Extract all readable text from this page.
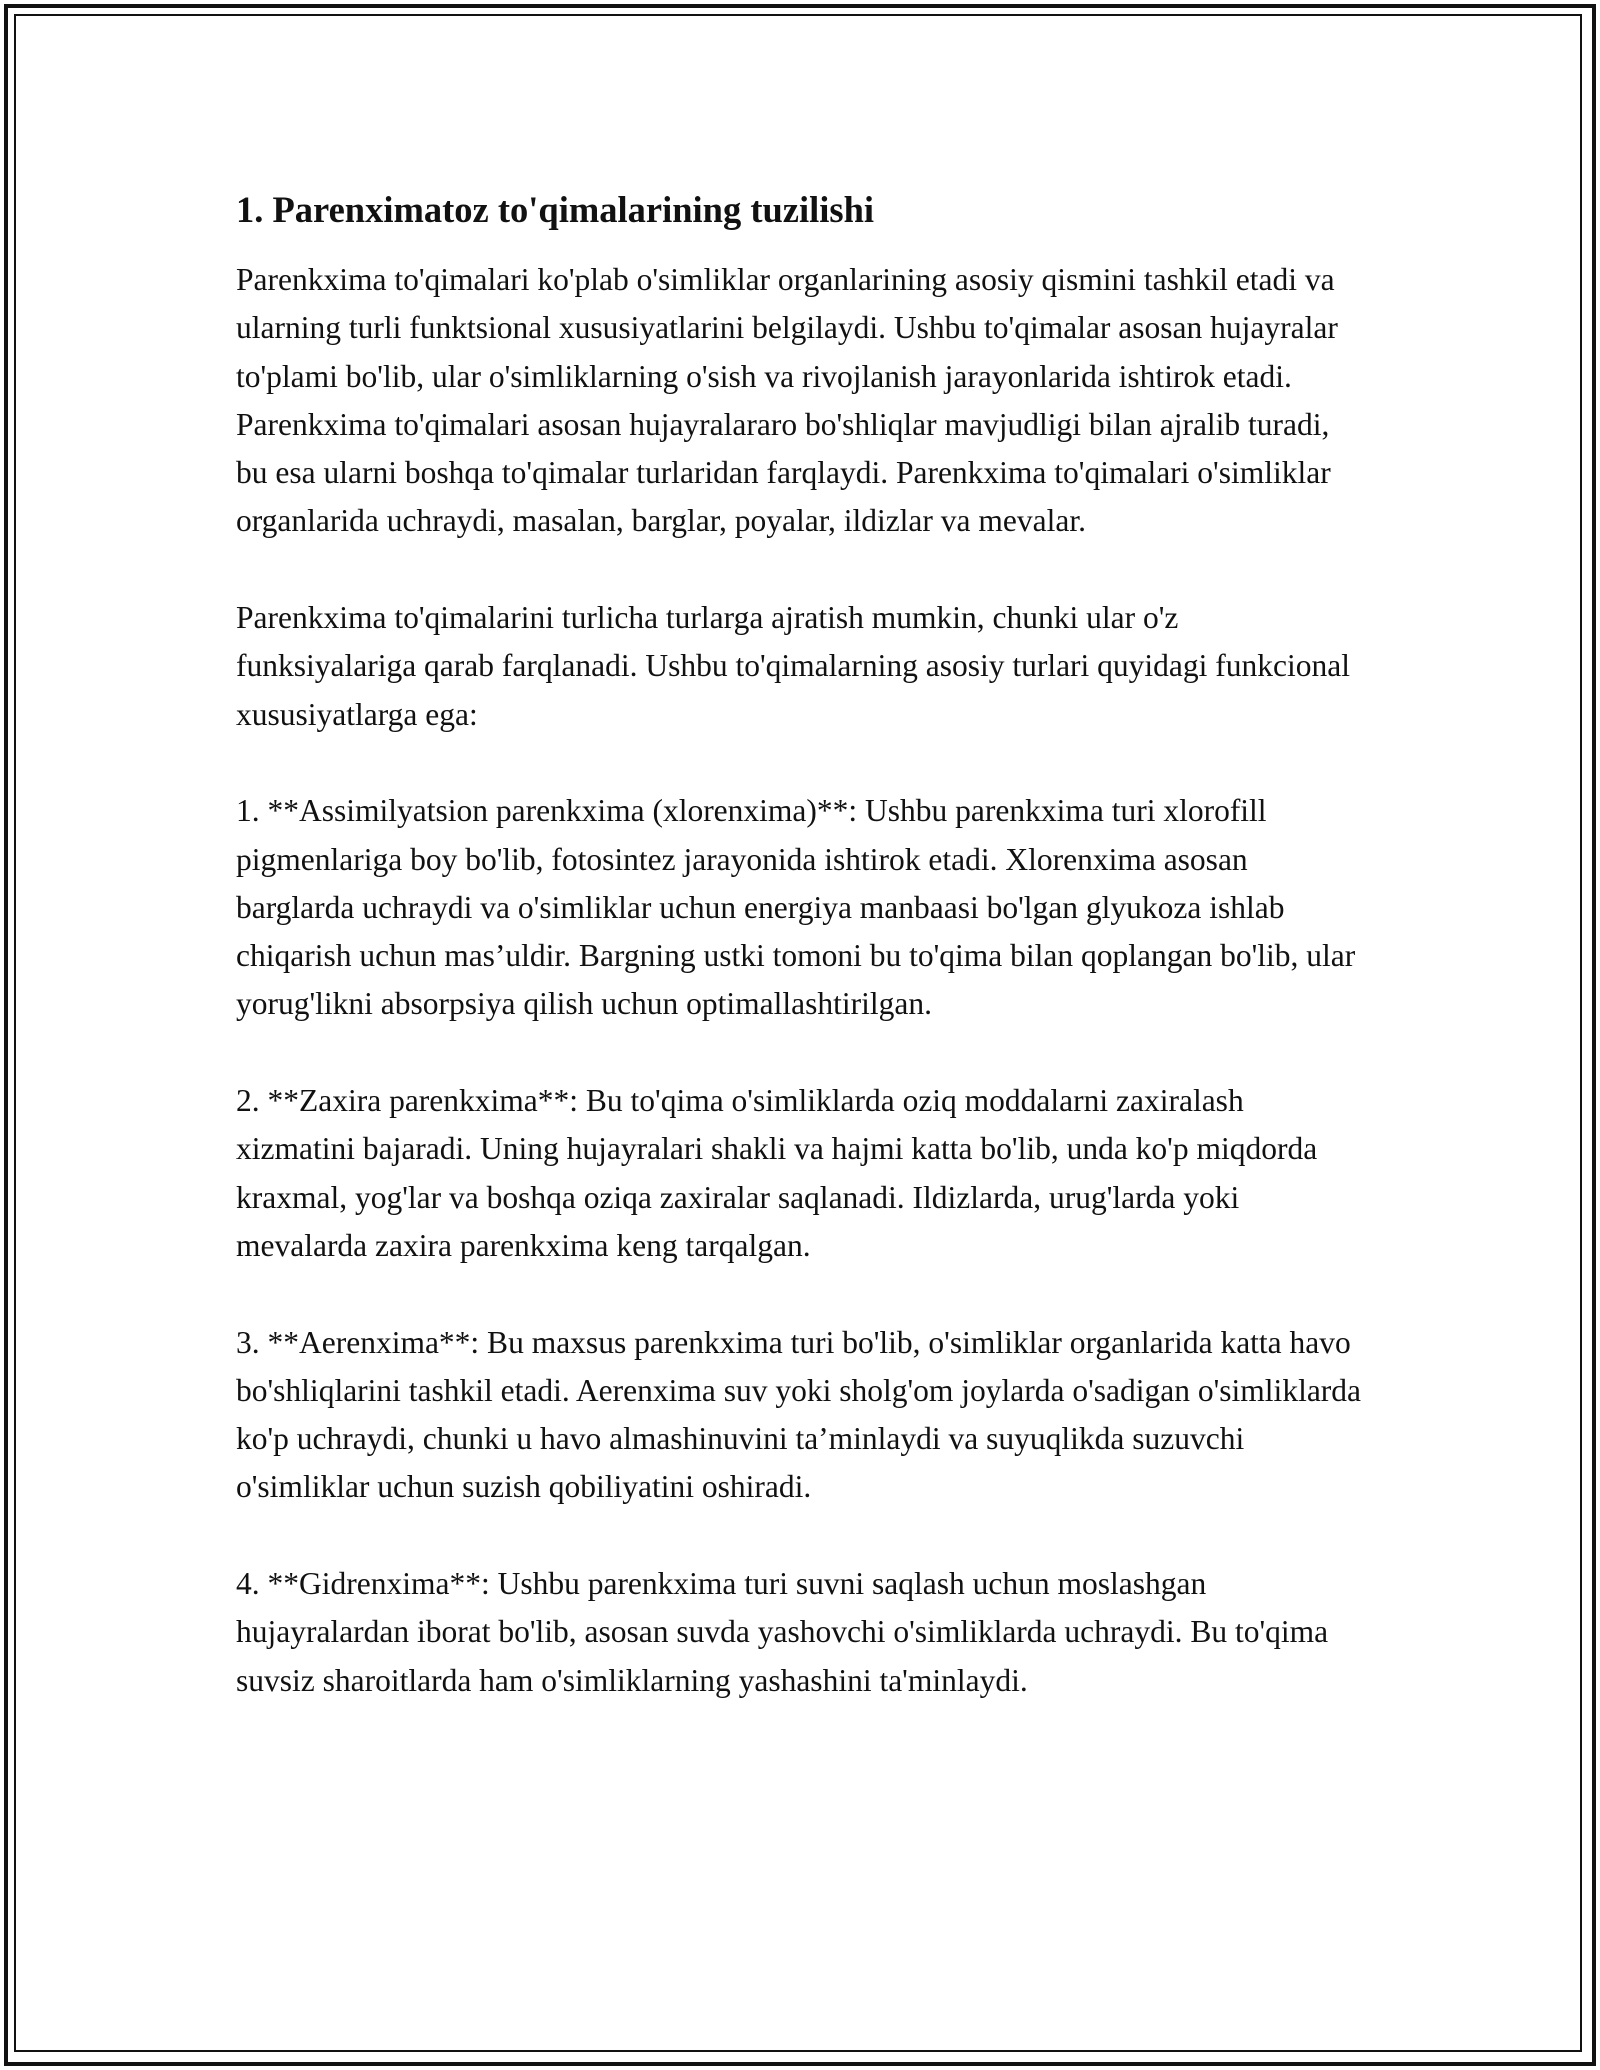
1. Parenximatoz to'qimalarining tuzilishi

Parenkxima to'qimalari ko'plab o'simliklar organlarining asosiy qismini tashkil etadi va ularning turli funktsional xususiyatlarini belgilaydi. Ushbu to'qimalar asosan hujayralar to'plami bo'lib, ular o'simliklarning o'sish va rivojlanish jarayonlarida ishtirok etadi. Parenkxima to'qimalari asosan hujayralararo bo'shliqlar mavjudligi bilan ajralib turadi, bu esa ularni boshqa to'qimalar turlaridan farqlaydi. Parenkxima to'qimalari o'simliklar organlarida uchraydi, masalan, barglar, poyalar, ildizlar va mevalar.

Parenkxima to'qimalarini turlicha turlarga ajratish mumkin, chunki ular o'z funksiyalariga qarab farqlanadi. Ushbu to'qimalarning asosiy turlari quyidagi funkcional xususiyatlarga ega:

1. **Assimilyatsion parenkxima (xlorenxima)**: Ushbu parenkxima turi xlorofill pigmenlariga boy bo'lib, fotosintez jarayonida ishtirok etadi. Xlorenxima asosan barglarda uchraydi va o'simliklar uchun energiya manbaasi bo'lgan glyukoza ishlab chiqarish uchun mas’uldir. Bargning ustki tomoni bu to'qima bilan qoplangan bo'lib, ular yorug'likni absorpsiya qilish uchun optimallashtirilgan.

2. **Zaxira parenkxima**: Bu to'qima o'simliklarda oziq moddalarni zaxiralash xizmatini bajaradi. Uning hujayralari shakli va hajmi katta bo'lib, unda ko'p miqdorda kraxmal, yog'lar va boshqa oziqa zaxiralar saqlanadi. Ildizlarda, urug'larda yoki mevalarda zaxira parenkxima keng tarqalgan.

3. **Aerenxima**: Bu maxsus parenkxima turi bo'lib, o'simliklar organlarida katta havo bo'shliqlarini tashkil etadi. Aerenxima suv yoki sholg'om joylarda o'sadigan o'simliklarda ko'p uchraydi, chunki u havo almashinuvini ta’minlaydi va suyuqlikda suzuvchi o'simliklar uchun suzish qobiliyatini oshiradi.

4. **Gidrenxima**: Ushbu parenkxima turi suvni saqlash uchun moslashgan hujayralardan iborat bo'lib, asosan suvda yashovchi o'simliklarda uchraydi. Bu to'qima suvsiz sharoitlarda ham o'simliklarning yashashini ta'minlaydi.
